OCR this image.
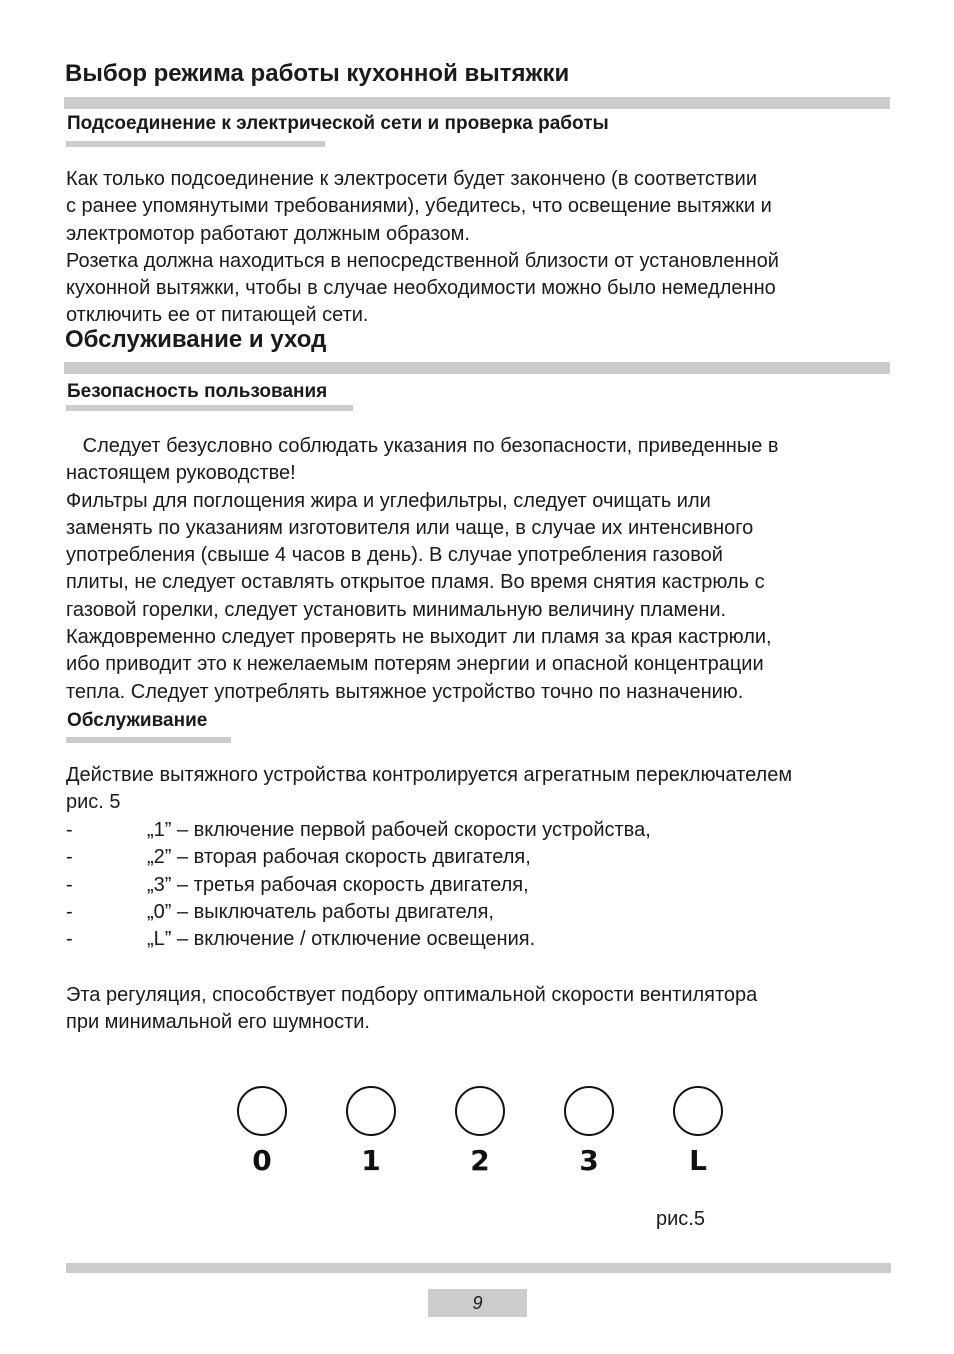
Выбор режима работы кухонной вытяжки
Подсоединение к электрической сети и проверка работы

Как только подсоединение к электросети будет закончено (в соответствии

с ранее упомянутыми требованиями), убедитесь, что освещение вытяжки и

электромотор работают должным образом.

Розетка должна находиться в непосредственной близости от установленной

кухонной вытяжки, чтобы в случае необходимости можно было немедленно

отключить ее от питающей сети.

Обслуживание и уход
Безопасность пользования

Следует безусловно соблюдать указания по безопасности, приведенные в

настоящем руководстве!

Фильтры для поглощения жира и углефильтры, следует очищать или

заменять по указаниям изготовителя или чаще, в случае их интенсивного

употребления (свыше 4 часов в день). В случае употребления газовой

плиты, не следует оставлять открытое пламя. Во время снятия кастрюль с

газовой горелки, следует установить минимальную величину пламени.

Каждовременно следует проверять не выходит ли пламя за края кастрюли,

ибо приводит это к нежелаемым потерям энергии и опасной концентрации

тепла. Следует употреблять вытяжное устройство точно по назначению.

Обслуживание

Действие вытяжного устройства контролируется агрегатным переключателем

рис. 5

-	„1” – включение первой рабочей скорости устройства,
-	„2” – вторая рабочая скорость двигателя,
-	„3” – третья рабочая скорость двигателя,
-	„0” – выключатель работы двигателя,
-	„L” – включение / отключение освещения.

Эта регуляция, способствует подбору оптимальной скорости вентилятора

при минимальной его шумности.

0	1	2	3	L
рис.5
9
